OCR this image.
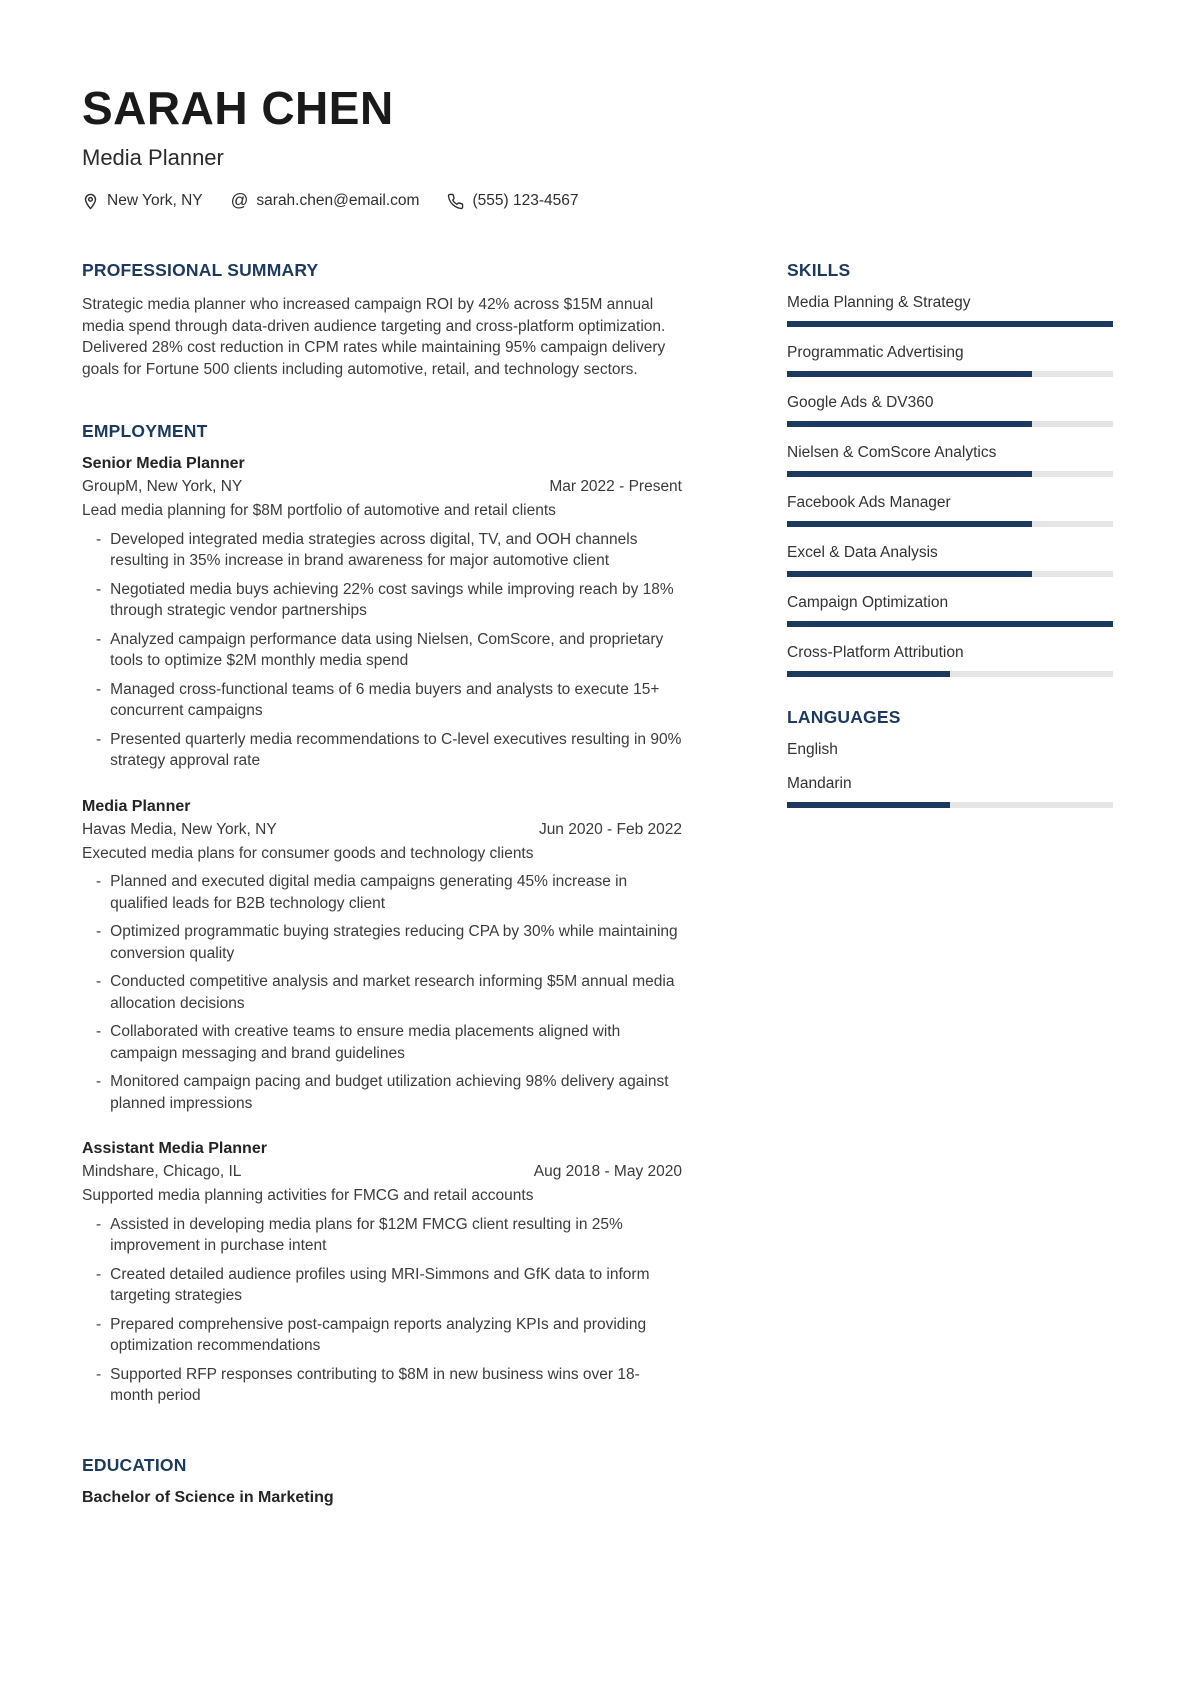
SARAH CHEN
Media Planner
New York, NY @ sarah.chen@email.com	(555) 123-4567
PROFESSIONAL SUMMARY

Strategic media planner who increased campaign ROI by 42% across $15M annual media spend through data-driven audience targeting and cross-platform optimization. Delivered 28% cost reduction in CPM rates while maintaining 95% campaign delivery goals for Fortune 500 clients including automotive, retail, and technology sectors.

EMPLOYMENT
Senior Media Planner
GroupM, New York, NY	Mar 2022 - Present

Lead media planning for $8M portfolio of automotive and retail clients

- Developed integrated media strategies across digital, TV, and OOH channels resulting in 35% increase in brand awareness for major automotive client
- Negotiated media buys achieving 22% cost savings while improving reach by 18% through strategic vendor partnerships
- Analyzed campaign performance data using Nielsen, ComScore, and proprietary tools to optimize $2M monthly media spend
- Managed cross-functional teams of 6 media buyers and analysts to execute 15+ concurrent campaigns
- Presented quarterly media recommendations to C-level executives resulting in 90% strategy approval rate
Media Planner
Havas Media, New York, NY	Jun 2020 - Feb 2022

Executed media plans for consumer goods and technology clients

- Planned and executed digital media campaigns generating 45% increase in qualified leads for B2B technology client
- Optimized programmatic buying strategies reducing CPA by 30% while maintaining conversion quality
- Conducted competitive analysis and market research informing $5M annual media allocation decisions
- Collaborated with creative teams to ensure media placements aligned with campaign messaging and brand guidelines
- Monitored campaign pacing and budget utilization achieving 98% delivery against planned impressions
Assistant Media Planner
Mindshare, Chicago, IL	Aug 2018 - May 2020

Supported media planning activities for FMCG and retail accounts

- Assisted in developing media plans for $12M FMCG client resulting in 25% improvement in purchase intent
- Created detailed audience profiles using MRI-Simmons and GfK data to inform targeting strategies
- Prepared comprehensive post-campaign reports analyzing KPIs and providing optimization recommendations
- Supported RFP responses contributing to $8M in new business wins over 18-month period
EDUCATION

Bachelor of Science in Marketing

SKILLS
Media Planning & Strategy
Programmatic Advertising
Google Ads & DV360
Nielsen & ComScore Analytics
Facebook Ads Manager
Excel & Data Analysis
Campaign Optimization
Cross-Platform Attribution
LANGUAGES
English
Mandarin
